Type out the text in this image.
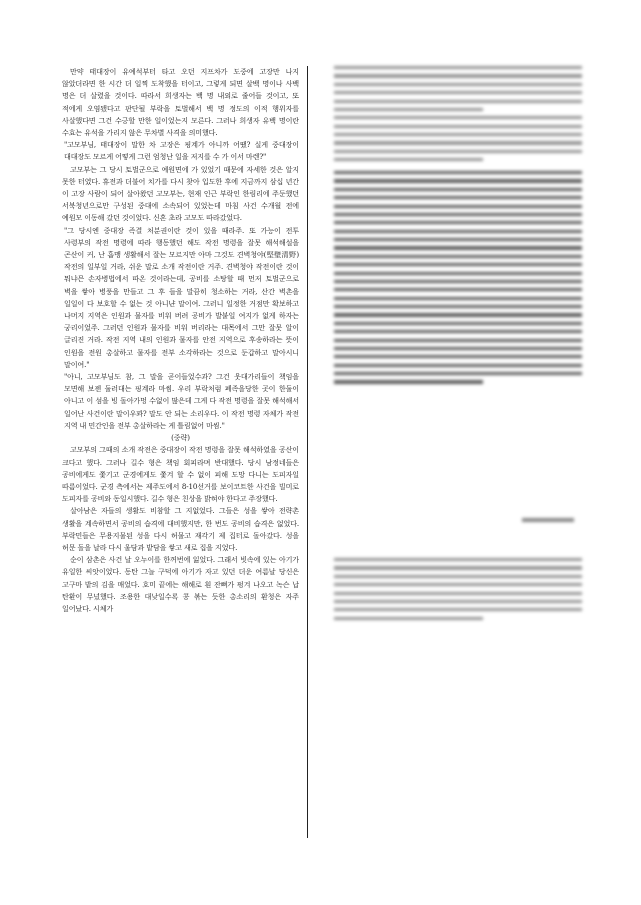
만약 태대장이 유예석부터 타고 오던 지프차가 도중에 고장만 나지 않았더라면 한 시간 더 일찍 도착했을 터이고, 그렇게 되면 살백 명이나 사백 명은 더 살렸을 것이다. 따라서 희생자는 백 명 내외로 줄어들 것이고, 또 적에게 오염됐다고 판단될 부락을 토벌해서 백 명 정도의 이적 행위자를 사살했다면 그건 수긍할 만한 일이었는지 모른다. 그러나 희생자 유백 명이란 수효는 유석을 가리지 않은 무차별 사격을 의미했다.

"고모부님, 태대장이 말한 차 고장은 핑계가 아니까 어땠? 실게 중대장이 대대장도 모르게 어떻게 그런 엄청난 일을 저지를 수 가 이서 마렌?"

고모부는 그 당시 토벌군으로 예원면에 가 있었기 때문에 자세한 것은 알지 못한 터였다. 휴전과 더불어 치가를 다시 찾아 입도한 후에 지금까지 삼십 년간 이 고장 사람이 되어 살아왔던 고모부는, 현재 인근 부락인 한림리에 주둔했던 서북청년으로만 구성된 중대에 소속되어 있었는데 마침 사건 수개월 전에 예원모 이동해 갔던 것이었다. 신혼 초라 고모도 따라갔었다.

"그 당시엔 중대장 즉결 처분권이란 것이 있을 때라주. 또 가능이 전투 사령부의 작전 명령에 따라 행동했던 해도 작전 명령을 잘못 해석해설을 곤산이 커, 난 흡맹 생활해서 잘는 모르지만 아마 그것도 견벽청야(堅壁清野) 작전의 일부일 거라, 쉬운 말로 소개 작전이란 거주. 견벽청야 작전이란 것이 뭐냐믄 손자병법에서 따온 것이라는데, 공비를 소탕할 때 먼저 토벌군으로 벽을 쌓아 병풍을 만들고 그 후 들을 말끔히 청소하는 거라, 산간 벽촌을 일일이 다 보호할 수 없는 것 아니냔 말이여. 그러니 일정한 거점만 확보하고 나머지 지역은 인원과 물자를 비워 버려 공비가 발붙일 여지가 없게 하자는 궁리이었주. 그러던 인원과 물자를 비워 버리라는 대목에서 그만 잘못 알이 글리진 거라. 작전 지역 내의 인원과 물자를 안전 지역으로 후송하라는 뜻이 인원을 전원 총살하고 물자를 전부 소각하라는 것으로 둔갑하고 말아시니 말이여."

"아니, 고모부님도 참, 그 말을 곧이들었수과? 그건 웃대가리들이 책임을 모면해 보젠 둘러대는 핑계라 마씸. 우리 부락처럼 폐족을당한 곳이 한둘이 아니고 이 섬을 빙 돌아가멍 수없이 많은데 그게 다 작전 명령을 잘못 해석해서 일어난 사건이란 말이우꽈? 말도 안 되는 소리우다. 이 작전 명령 자체가 작전 지역 내 민간인을 전부 총살하라는 게 틀림없어 마씸."

(중략)

고모부의 그때의 소개 작전은 중대장이 작전 명령을 잘못 해석하였을 공산이 크다고 했다. 그러나 길수 형은 책임 회피라며 반대했다. 당시 남정네들은 공비에게도 쫓기고 군경에게도 쫓겨 할 수 없이 피해 도망 다니는 도피자일 따름이었다. 군경 측에서는 제주도에서 8-10선거를 보이코트한 사건을 빌미로 도피자를 공비와 동일시했다. 길수 형은 친상을 밝혀야 한다고 주장했다.

살아남은 자들의 생활도 비참할 그 지없었다. 그들은 성을 쌓아 전략촌 생활을 계속하면서 공비의 습격에 대비했지만, 한 번도 공비의 습격은 없었다. 부락민들은 무용지물된 성을 다시 허물고 재각기 제 집터로 돌아갔다. 성을 허문 돌을 날라 다시 울담과 밭담을 쌓고 새로 집을 지었다.

순이 삼촌은 사건 날 오누이를 한꺼번에 잃었다. 그래서 빗속에 있는 아기가 유일한 씨앗이었다. 동탄 그늘 구덕에 아기가 자고 있던 더운 여름날 당신은 고구마 밭의 김을 매었다. 호미 끝에는 해해로 흰 잔뼈가 펑겨 나오고 녹슨 납 탄환이 무넜했다. 조용한 대낮일수록 콩 볶는 듯한 총소리의 환청은 자주 일어났다. 시체가
